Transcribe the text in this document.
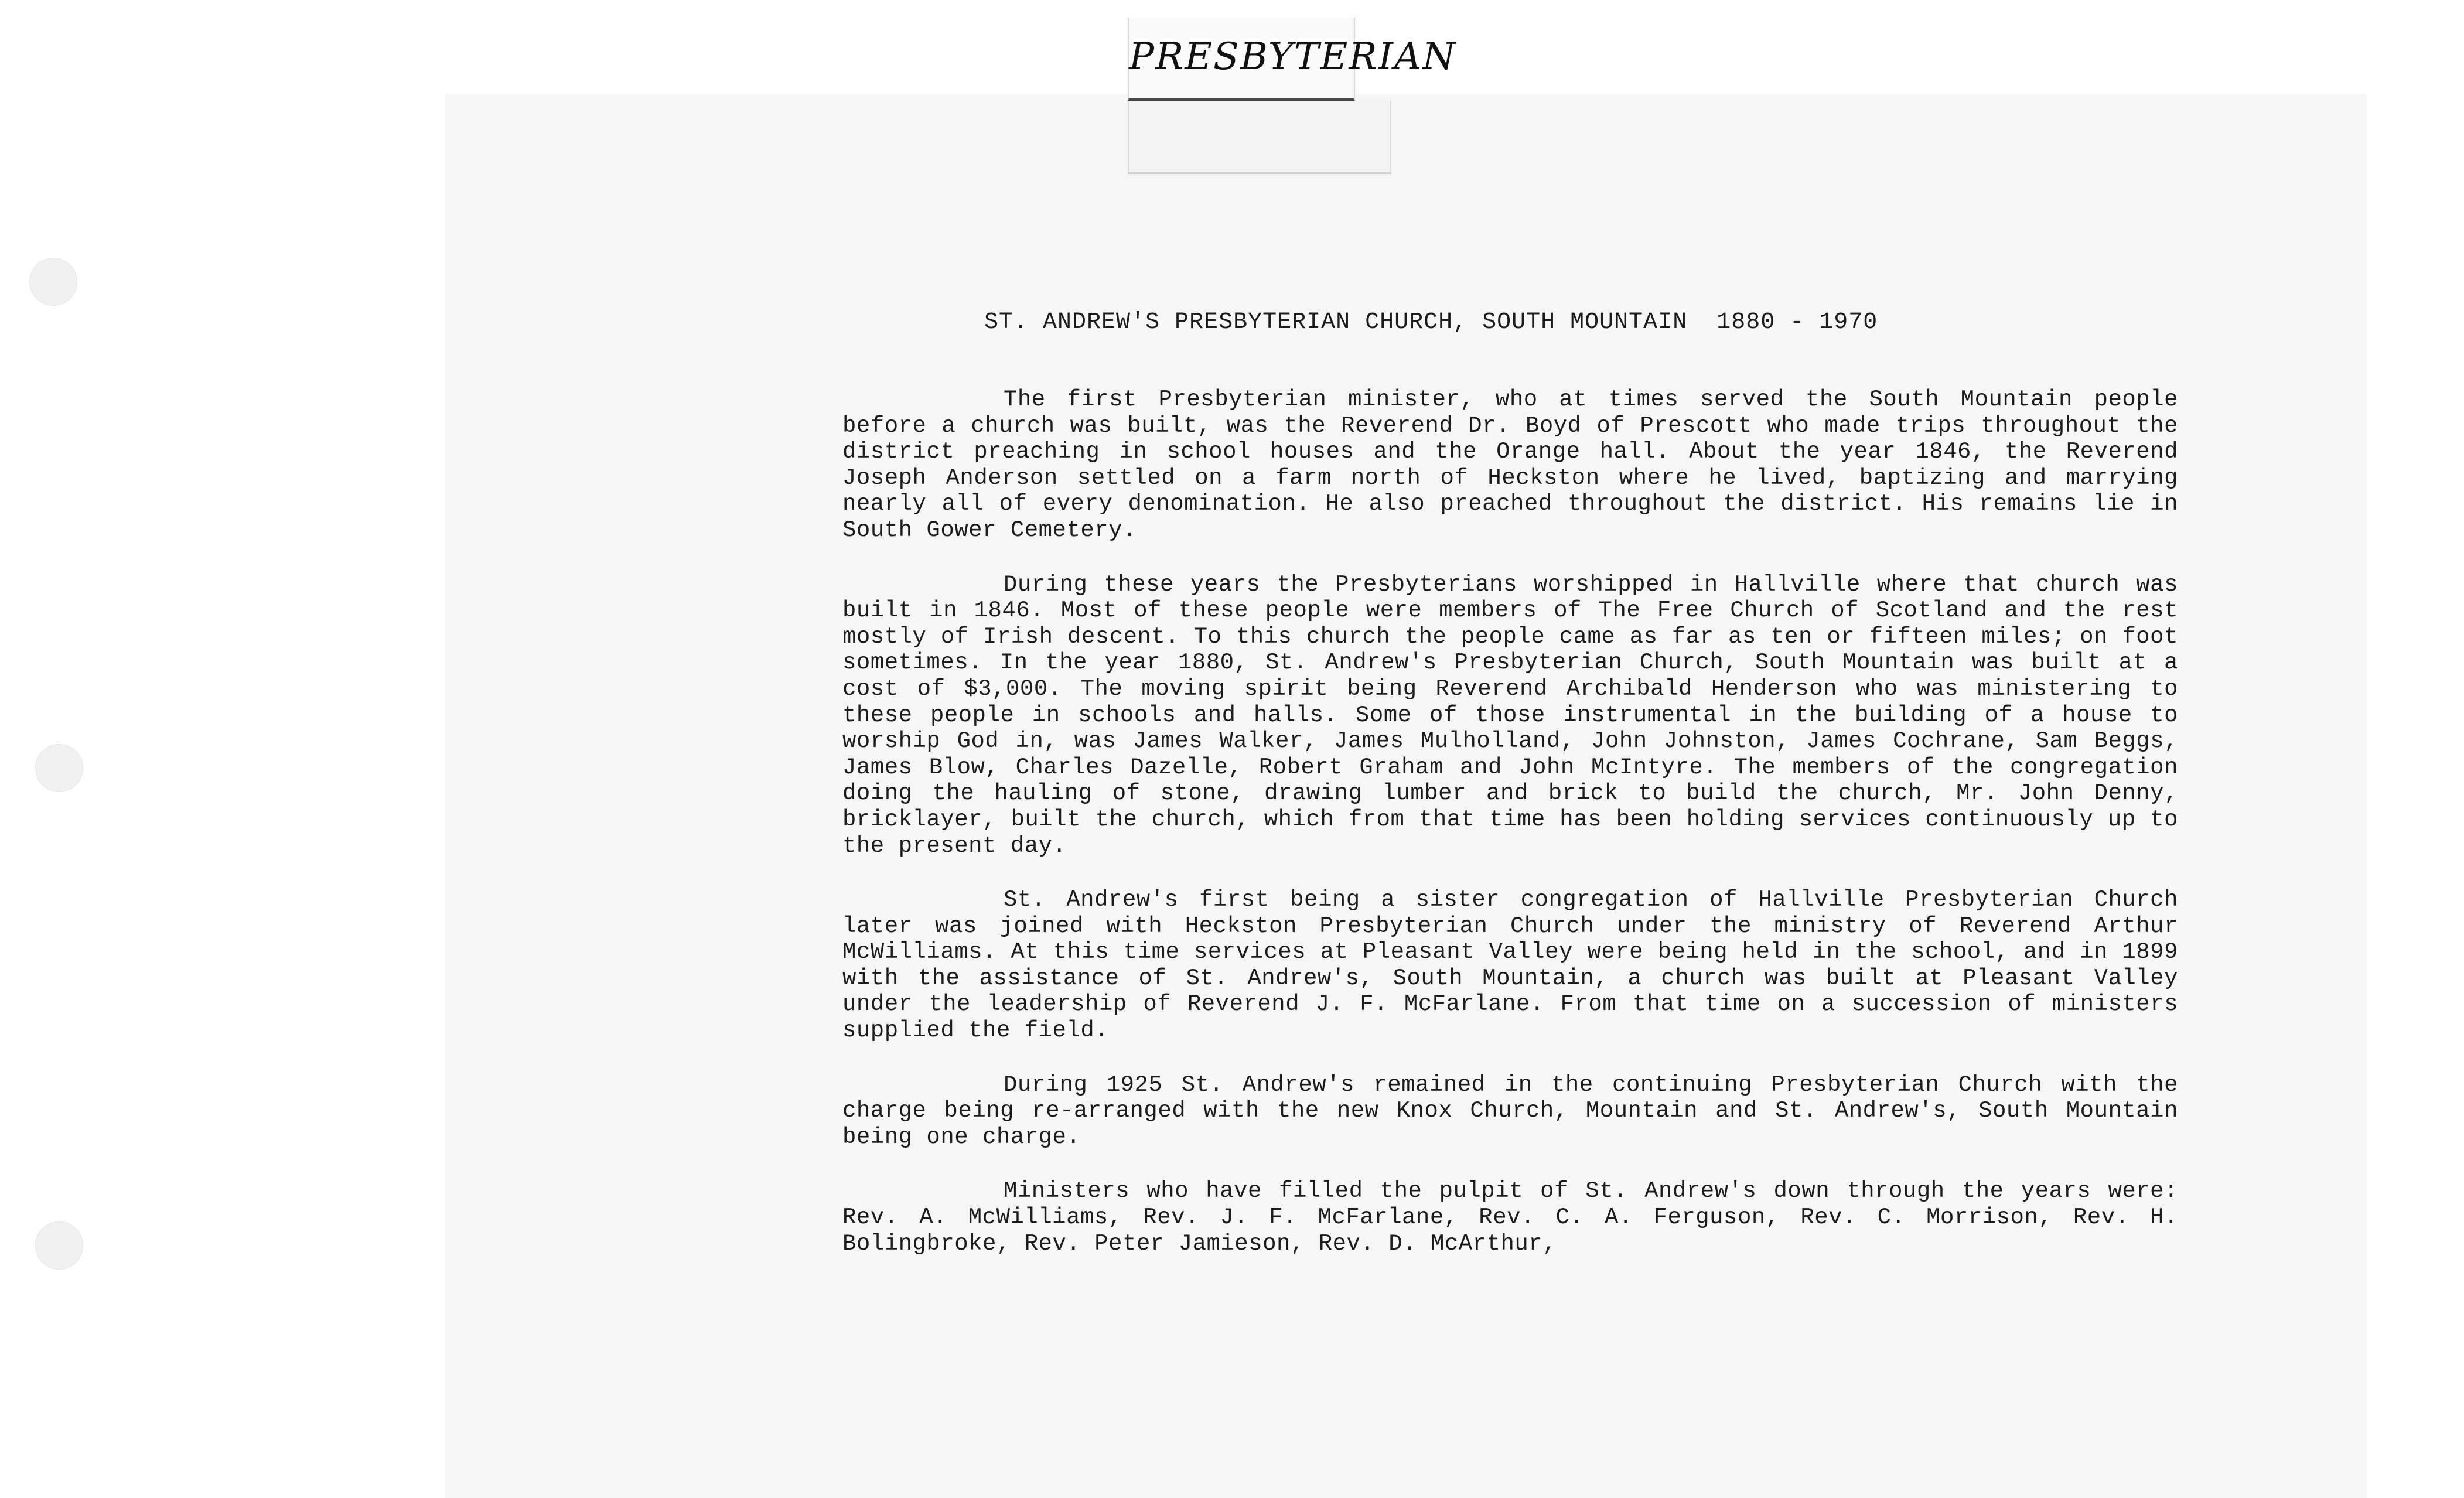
PRESBYTERIAN
ST. ANDREW'S PRESBYTERIAN CHURCH, SOUTH MOUNTAIN  1880 - 1970

The first Presbyterian minister, who at times served the South Mountain people before a church was built, was the Reverend Dr. Boyd of Prescott who made trips throughout the district preaching in school houses and the Orange hall. About the year 1846, the Reverend Joseph Anderson settled on a farm north of Heckston where he lived, baptizing and marrying nearly all of every denomination. He also preached throughout the district. His remains lie in South Gower Cemetery.

During these years the Presbyterians worshipped in Hallville where that church was built in 1846. Most of these people were members of The Free Church of Scotland and the rest mostly of Irish descent. To this church the people came as far as ten or fifteen miles; on foot sometimes. In the year 1880, St. Andrew's Presbyterian Church, South Mountain was built at a cost of $3,000. The moving spirit being Reverend Archibald Henderson who was ministering to these people in schools and halls. Some of those instrumental in the building of a house to worship God in, was James Walker, James Mulholland, John Johnston, James Cochrane, Sam Beggs, James Blow, Charles Dazelle, Robert Graham and John McIntyre. The members of the congregation doing the hauling of stone, drawing lumber and brick to build the church, Mr. John Denny, bricklayer, built the church, which from that time has been holding services continuously up to the present day.

St. Andrew's first being a sister congregation of Hallville Presbyterian Church later was joined with Heckston Presbyterian Church under the ministry of Reverend Arthur McWilliams. At this time services at Pleasant Valley were being held in the school, and in 1899 with the assistance of St. Andrew's, South Mountain, a church was built at Pleasant Valley under the leadership of Reverend J. F. McFarlane. From that time on a succession of ministers supplied the field.

During 1925 St. Andrew's remained in the continuing Presbyterian Church with the charge being re-arranged with the new Knox Church, Mountain and St. Andrew's, South Mountain being one charge.

Ministers who have filled the pulpit of St. Andrew's down through the years were: Rev. A. McWilliams, Rev. J. F. McFarlane, Rev. C. A. Ferguson, Rev. C. Morrison, Rev. H. Bolingbroke, Rev. Peter Jamieson, Rev. D. McArthur,
